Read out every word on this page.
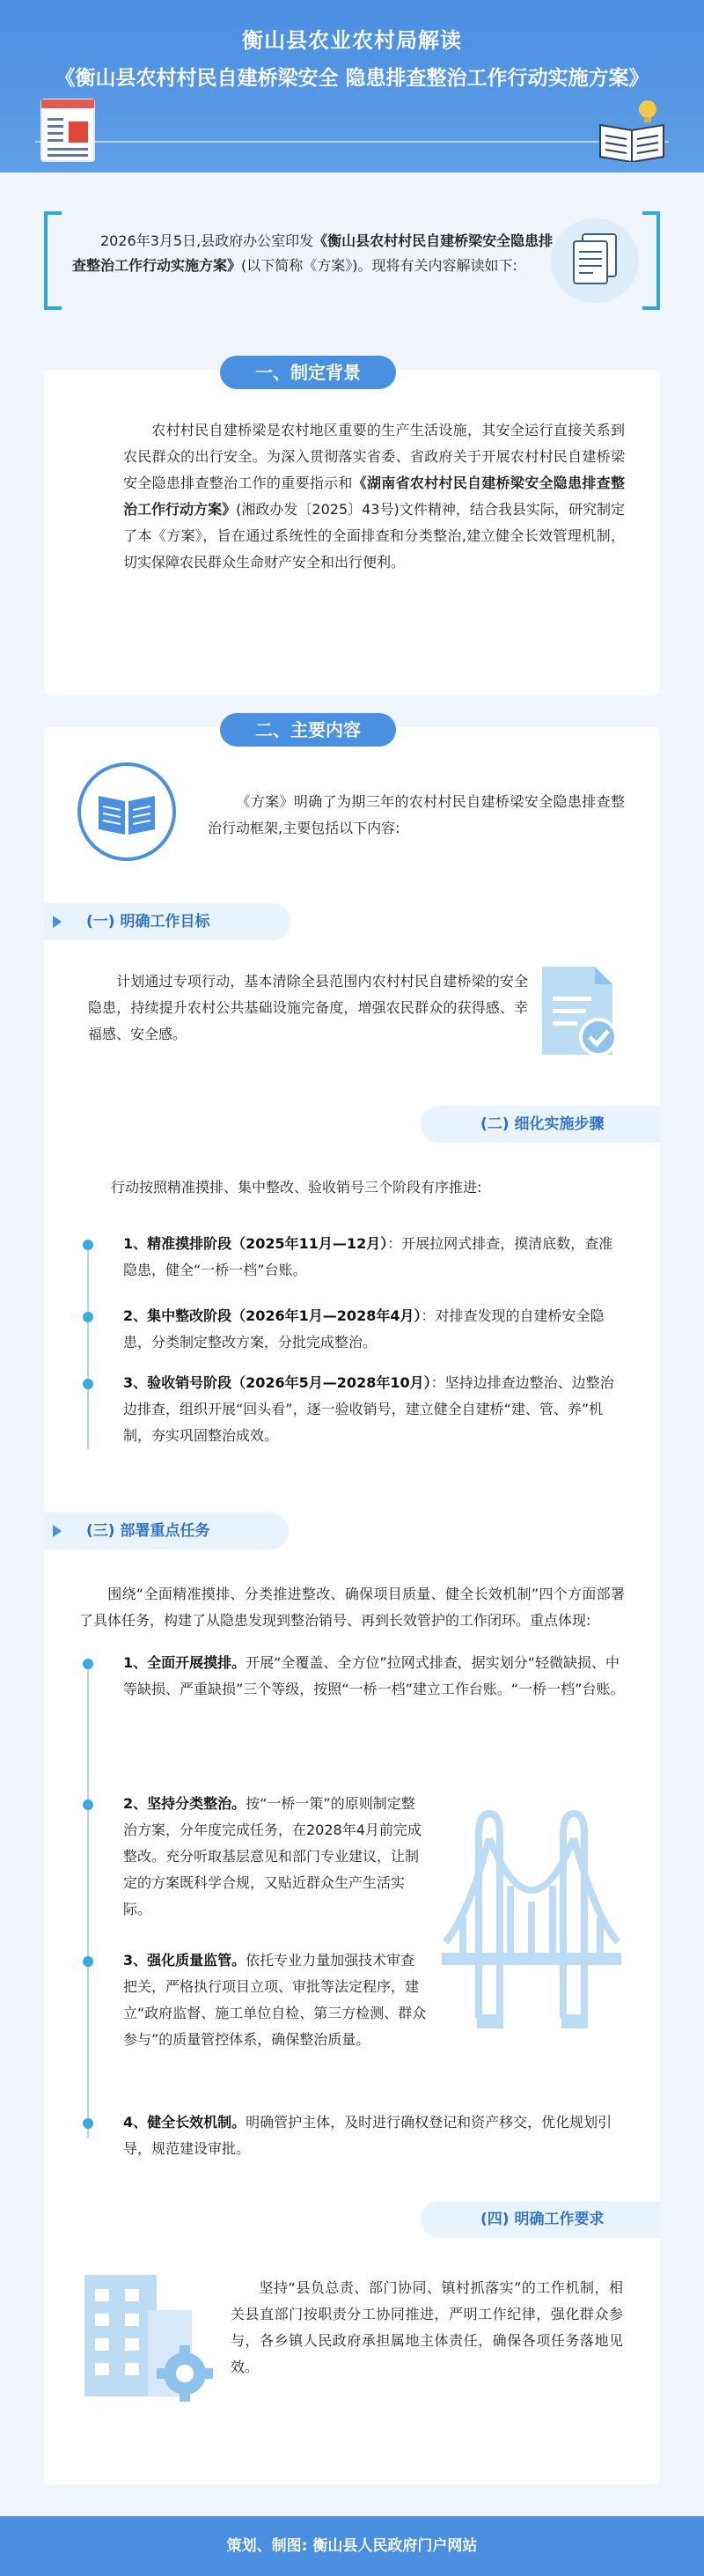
衡山县农业农村局解读
《衡山县农村村民自建桥梁安全 隐患排查整治工作行动实施方案》
2026年3月5日,县政府办公室印发《衡山县农村村民自建桥梁安全隐患排查整治工作行动实施方案》(以下简称《方案》)。现将有关内容解读如下:
农村村民自建桥梁是农村地区重要的生产生活设施，其安全运行直接关系到农民群众的出行安全。为深入贯彻落实省委、省政府关于开展农村村民自建桥梁安全隐患排查整治工作的重要指示和《湖南省农村村民自建桥梁安全隐患排查整治工作行动方案》(湘政办发〔2025〕43号)文件精神，结合我县实际，研究制定了本《方案》，旨在通过系统性的全面排查和分类整治,建立健全长效管理机制，切实保障农民群众生命财产安全和出行便利。
一、制定背景
二、主要内容
《方案》明确了为期三年的农村村民自建桥梁安全隐患排查整治行动框架,主要包括以下内容:
(一) 明确工作目标
计划通过专项行动，基本清除全县范围内农村村民自建桥梁的安全隐患，持续提升农村公共基础设施完备度，增强农民群众的获得感、幸福感、安全感。
(二) 细化实施步骤
行动按照精准摸排、集中整改、验收销号三个阶段有序推进:
1、精准摸排阶段（2025年11月—12月）：开展拉网式排查，摸清底数，查准隐患，健全“一桥一档”台账。
2、集中整改阶段（2026年1月—2028年4月）：对排查发现的自建桥安全隐患，分类制定整改方案，分批完成整治。
3、验收销号阶段（2026年5月—2028年10月）：坚持边排查边整治、边整治边排查，组织开展“回头看”，逐一验收销号，建立健全自建桥“建、管、养”机制，夯实巩固整治成效。
(三) 部署重点任务
围绕“全面精准摸排、分类推进整改、确保项目质量、健全长效机制”四个方面部署了具体任务，构建了从隐患发现到整治销号、再到长效管护的工作闭环。重点体现:
1、全面开展摸排。开展“全覆盖、全方位”拉网式排查，据实划分“轻微缺损、中等缺损、严重缺损”三个等级，按照“一桥一档”建立工作台账。“一桥一档”台账。
2、坚持分类整治。按“一桥一策”的原则制定整治方案，分年度完成任务，在2028年4月前完成整改。充分听取基层意见和部门专业建议，让制定的方案既科学合规，又贴近群众生产生活实际。
3、强化质量监管。依托专业力量加强技术审查把关，严格执行项目立项、审批等法定程序，建立“政府监督、施工单位自检、第三方检测、群众参与”的质量管控体系，确保整治质量。
4、健全长效机制。明确管护主体，及时进行确权登记和资产移交，优化规划引导，规范建设审批。
(四) 明确工作要求
坚持“县负总责、部门协同、镇村抓落实”的工作机制，相关县直部门按职责分工协同推进，严明工作纪律，强化群众参与，各乡镇人民政府承担属地主体责任，确保各项任务落地见效。
策划、制图: 衡山县人民政府门户网站
